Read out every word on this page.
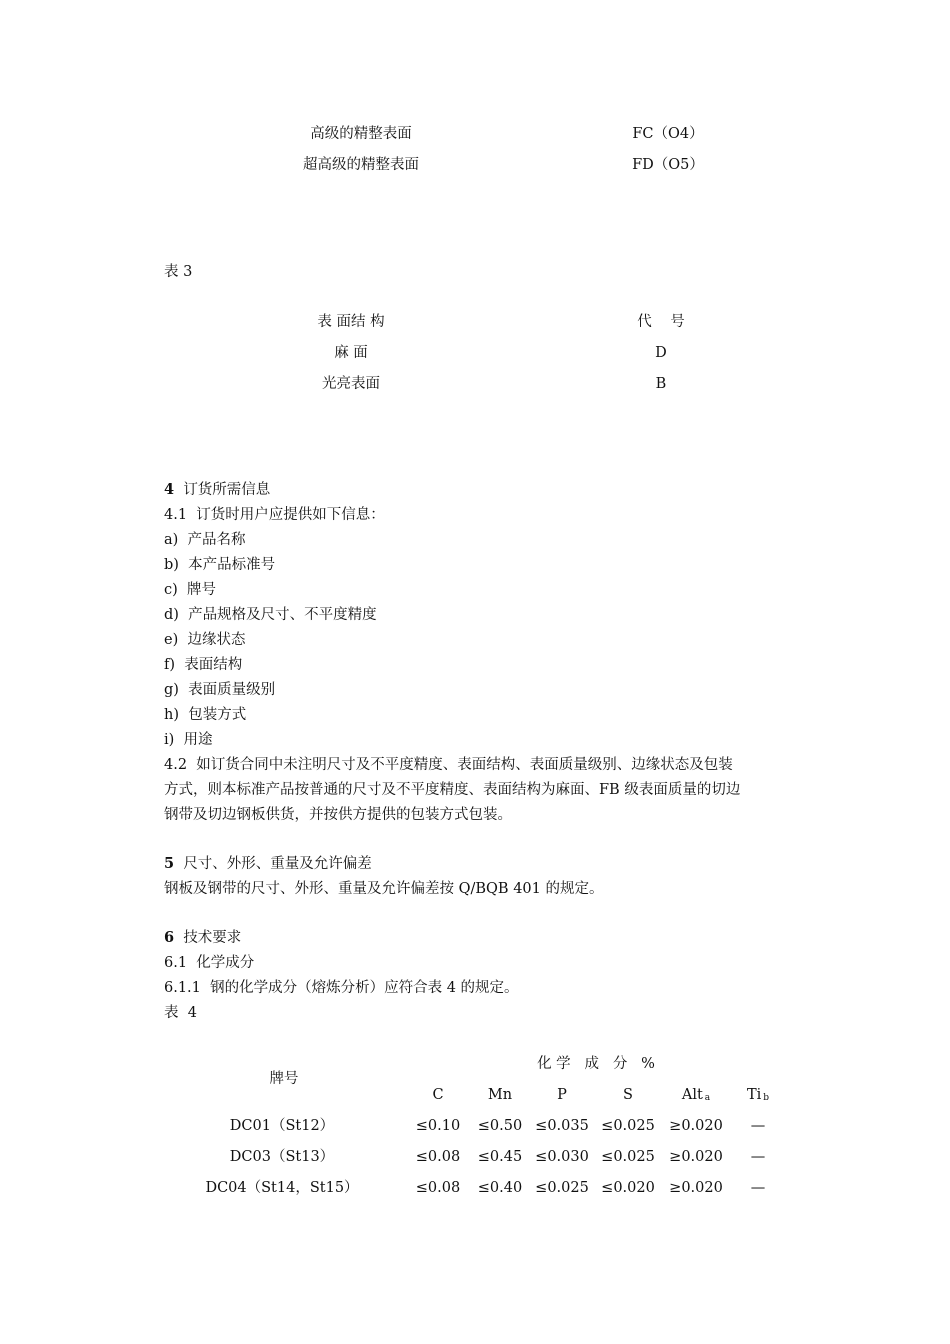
高级的精整表面	FC（O4）
超高级的精整表面	FD（O5）
表 3
表 面结 构	代    号
麻 面	D
光亮表面	B
4 订货所需信息
4.1  订货时用户应提供如下信息：
a)  产品名称
b)  本产品标准号
c)  牌号
d)  产品规格及尺寸、不平度精度
e)  边缘状态
f)  表面结构
g)  表面质量级别
h)  包装方式
i)  用途
4.2  如订货合同中未注明尺寸及不平度精度、表面结构、表面质量级别、边缘状态及包装
方式，则本标准产品按普通的尺寸及不平度精度、表面结构为麻面、FB 级表面质量的切边
钢带及切边钢板供货，并按供方提供的包装方式包装。
5 尺寸、外形、重量及允许偏差
钢板及钢带的尺寸、外形、重量及允许偏差按 Q/BQB 401 的规定。
6 技术要求
6.1  化学成分
6.1.1  钢的化学成分（熔炼分析）应符合表 4 的规定。
表  4
牌号
化 学   成   分   %
C	Mn	P	S	Alt $_a$	Ti $_b$
DC01（St12）	≤0.10 ≤0.50 ≤0.035 ≤0.025 ≥0.020 —
DC03（St13）	≤0.08 ≤0.45 ≤0.030 ≤0.025 ≥0.020 —
DC04（St14，St15）	≤0.08 ≤0.40 ≤0.025 ≤0.020 ≥0.020 —
